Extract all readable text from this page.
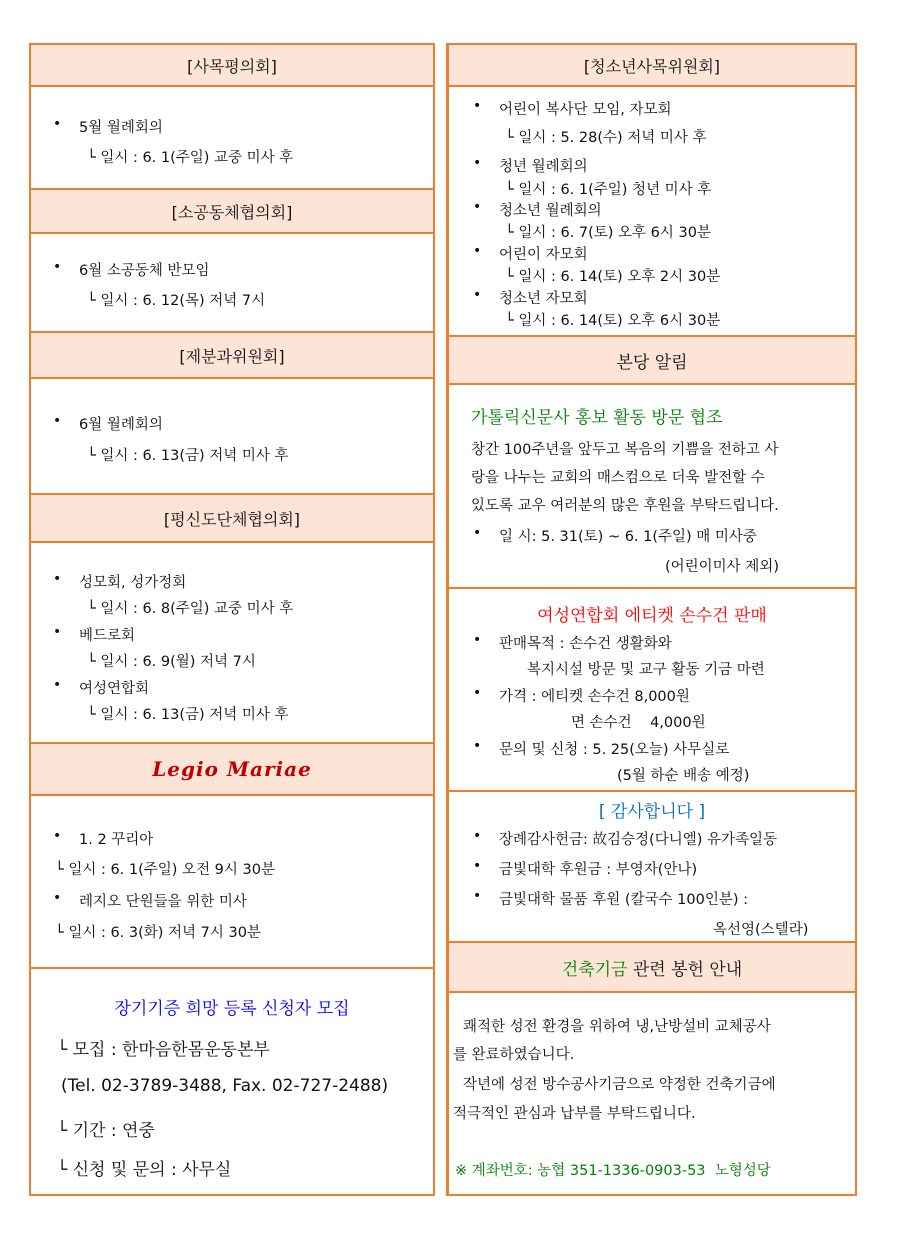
[사목평의회]
• 5월 월례회의
└ 일시 : 6. 1(주일) 교중 미사 후
[소공동체협의회]
• 6월 소공동체 반모임
└ 일시 : 6. 12(목) 저녁 7시
[제분과위원회]
• 6월 월례회의
└ 일시 : 6. 13(금) 저녁 미사 후
[평신도단체협의회]
• 성모회, 성가정회
└ 일시 : 6. 8(주일) 교중 미사 후
• 베드로회
└ 일시 : 6. 9(월) 저녁 7시
• 여성연합회
└ 일시 : 6. 13(금) 저녁 미사 후
Legio Mariae
• 1. 2 꾸리아
└ 일시 : 6. 1(주일) 오전 9시 30분
• 레지오 단원들을 위한 미사
└ 일시 : 6. 3(화) 저녁 7시 30분
장기기증 희망 등록 신청자 모집
└ 모집 : 한마음한몸운동본부
(Tel. 02-3789-3488, Fax. 02-727-2488)
└ 기간 : 연중
└ 신청 및 문의 : 사무실
[청소년사목위원회]
• 어린이 복사단 모임, 자모회
└ 일시 : 5. 28(수) 저녁 미사 후
• 청년 월례회의
└ 일시 : 6. 1(주일) 청년 미사 후
• 청소년 월례회의
└ 일시 : 6. 7(토) 오후 6시 30분
• 어린이 자모회
└ 일시 : 6. 14(토) 오후 2시 30분
• 청소년 자모회
└ 일시 : 6. 14(토) 오후 6시 30분
본당 알림
가톨릭신문사 홍보 활동 방문 협조
창간 100주년을 앞두고 복음의 기쁨을 전하고 사
랑을 나누는 교회의 매스컴으로 더욱 발전할 수
있도록 교우 여러분의 많은 후원을 부탁드립니다.
• 일 시: 5. 31(토) ~ 6. 1(주일) 매 미사중
(어린이미사 제외)
여성연합회 에티켓 손수건 판매
• 판매목적 : 손수건 생활화와
복지시설 방문 및 교구 활동 기금 마련
• 가격 : 에티켓 손수건 8,000원
면 손수건    4,000원
• 문의 및 신청 : 5. 25(오늘) 사무실로
(5월 하순 배송 예정)
[ 감사합니다 ]
• 장례감사헌금: 故김승정(다니엘) 유가족일동
• 금빛대학 후원금 : 부영자(안나)
• 금빛대학 물품 후원 (칼국수 100인분) :
옥선영(스텔라)
건축기금 관련 봉헌 안내
쾌적한 성전 환경을 위하여 냉,난방설비 교체공사
를 완료하였습니다.
작년에 성전 방수공사기금으로 약정한 건축기금에
적극적인 관심과 납부를 부탁드립니다.
※ 계좌번호: 농협 351-1336-0903-53  노형성당
